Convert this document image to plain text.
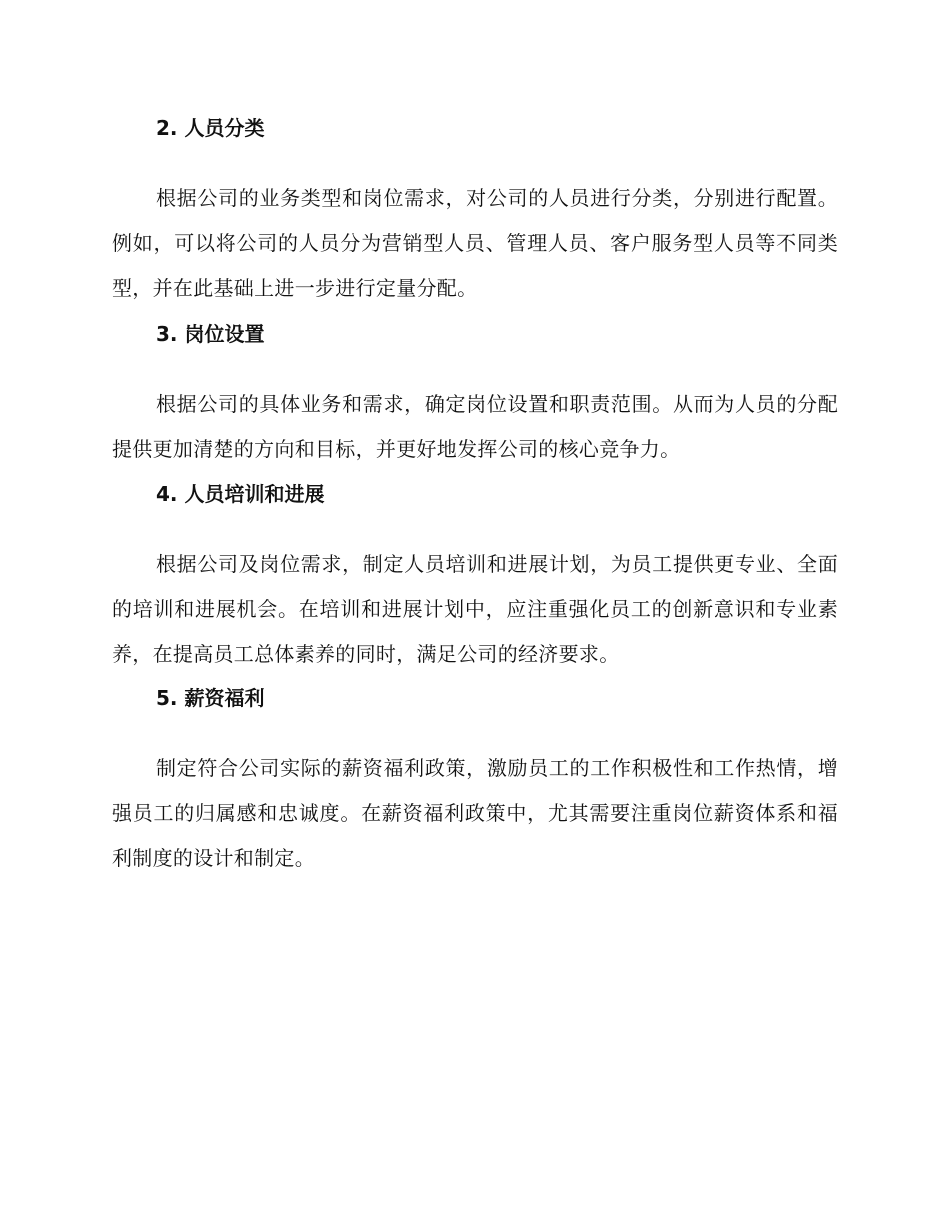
2. 人员分类

根据公司的业务类型和岗位需求，对公司的人员进行分类，分别进行配置。例如，可以将公司的人员分为营销型人员、管理人员、客户服务型人员等不同类型，并在此基础上进一步进行定量分配。

3. 岗位设置

根据公司的具体业务和需求，确定岗位设置和职责范围。从而为人员的分配提供更加清楚的方向和目标，并更好地发挥公司的核心竞争力。

4. 人员培训和进展

根据公司及岗位需求，制定人员培训和进展计划，为员工提供更专业、全面的培训和进展机会。在培训和进展计划中，应注重强化员工的创新意识和专业素养，在提高员工总体素养的同时，满足公司的经济要求。

5. 薪资福利

制定符合公司实际的薪资福利政策，激励员工的工作积极性和工作热情，增强员工的归属感和忠诚度。在薪资福利政策中，尤其需要注重岗位薪资体系和福利制度的设计和制定。
